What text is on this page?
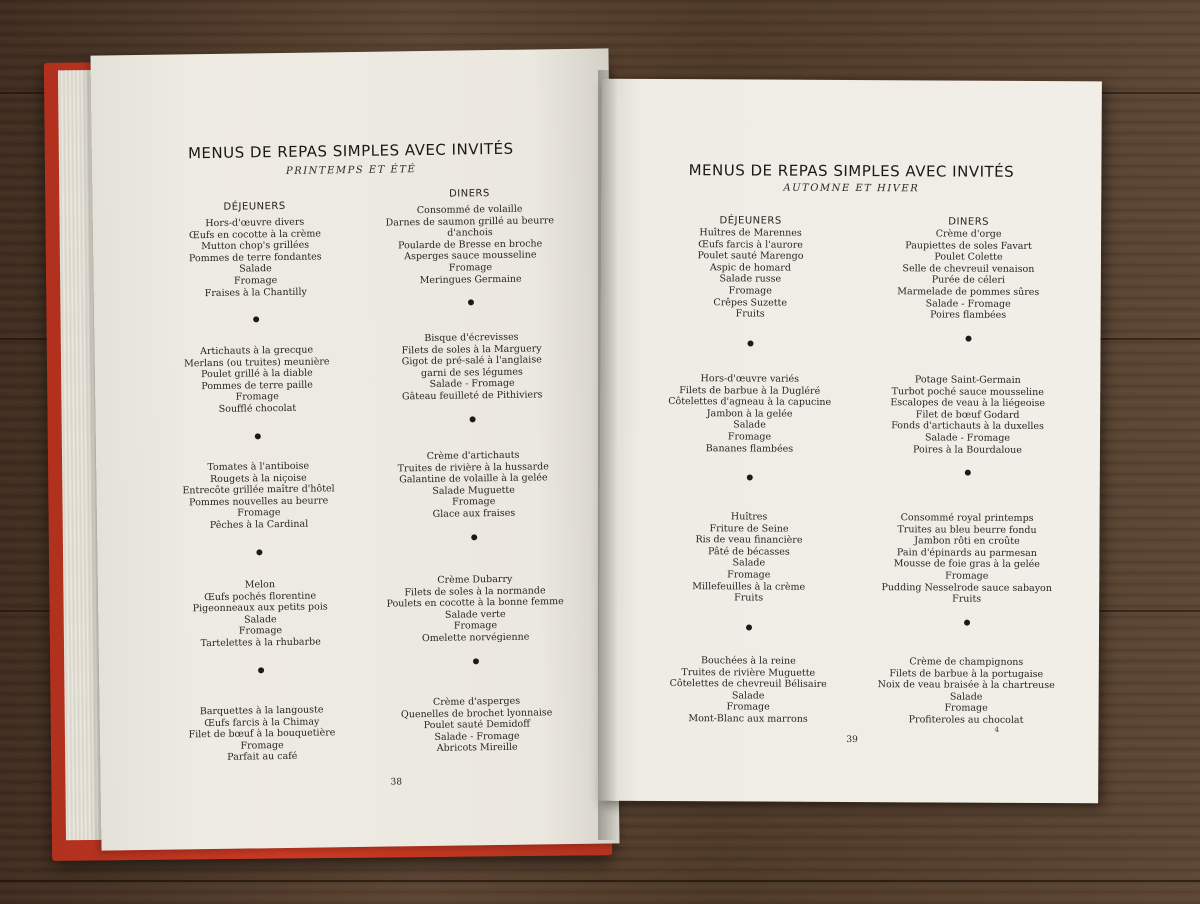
MENUS DE REPAS SIMPLES AVEC INVITÉS
PRINTEMPS ET ÉTÉ
DÉJEUNERS
Hors-d'œuvre divers
Œufs en cocotte à la crème
Mutton chop's grillées
Pommes de terre fondantes
Salade
Fromage
Fraises à la Chantilly
Artichauts à la grecque
Merlans (ou truites) meunière
Poulet grillé à la diable
Pommes de terre paille
Fromage
Soufflé chocolat
Tomates à l'antiboise
Rougets à la niçoise
Entrecôte grillée maître d'hôtel
Pommes nouvelles au beurre
Fromage
Pêches à la Cardinal
Melon
Œufs pochés florentine
Pigeonneaux aux petits pois
Salade
Fromage
Tartelettes à la rhubarbe
Barquettes à la langouste
Œufs farcis à la Chimay
Filet de bœuf à la bouquetière
Fromage
Parfait au café
DINERS
Consommé de volaille
Darnes de saumon grillé au beurre
d'anchois
Poularde de Bresse en broche
Asperges sauce mousseline
Fromage
Meringues Germaine
Bisque d'écrevisses
Filets de soles à la Marguery
Gigot de pré-salé à l'anglaise
garni de ses légumes
Salade - Fromage
Gâteau feuilleté de Pithiviers
Crème d'artichauts
Truites de rivière à la hussarde
Galantine de volaille à la gelée
Salade Muguette
Fromage
Glace aux fraises
Crème Dubarry
Filets de soles à la normande
Poulets en cocotte à la bonne femme
Salade verte
Fromage
Omelette norvégienne
Crème d'asperges
Quenelles de brochet lyonnaise
Poulet sauté Demidoff
Salade - Fromage
Abricots Mireille
38
MENUS DE REPAS SIMPLES AVEC INVITÉS
AUTOMNE ET HIVER
DÉJEUNERS
Huîtres de Marennes
Œufs farcis à l'aurore
Poulet sauté Marengo
Aspic de homard
Salade russe
Fromage
Crêpes Suzette
Fruits
Hors-d'œuvre variés
Filets de barbue à la Dugléré
Côtelettes d'agneau à la capucine
Jambon à la gelée
Salade
Fromage
Bananes flambées
Huîtres
Friture de Seine
Ris de veau financière
Pâté de bécasses
Salade
Fromage
Millefeuilles à la crème
Fruits
Bouchées à la reine
Truites de rivière Muguette
Côtelettes de chevreuil Bélisaire
Salade
Fromage
Mont-Blanc aux marrons
DINERS
Crème d'orge
Paupiettes de soles Favart
Poulet Colette
Selle de chevreuil venaison
Purée de céleri
Marmelade de pommes sûres
Salade - Fromage
Poires flambées
Potage Saint-Germain
Turbot poché sauce mousseline
Escalopes de veau à la liégeoise
Filet de bœuf Godard
Fonds d'artichauts à la duxelles
Salade - Fromage
Poires à la Bourdaloue
Consommé royal printemps
Truites au bleu beurre fondu
Jambon rôti en croûte
Pain d'épinards au parmesan
Mousse de foie gras à la gelée
Fromage
Pudding Nesselrode sauce sabayon
Fruits
Crème de champignons
Filets de barbue à la portugaise
Noix de veau braisée à la chartreuse
Salade
Fromage
Profiteroles au chocolat
39
4
